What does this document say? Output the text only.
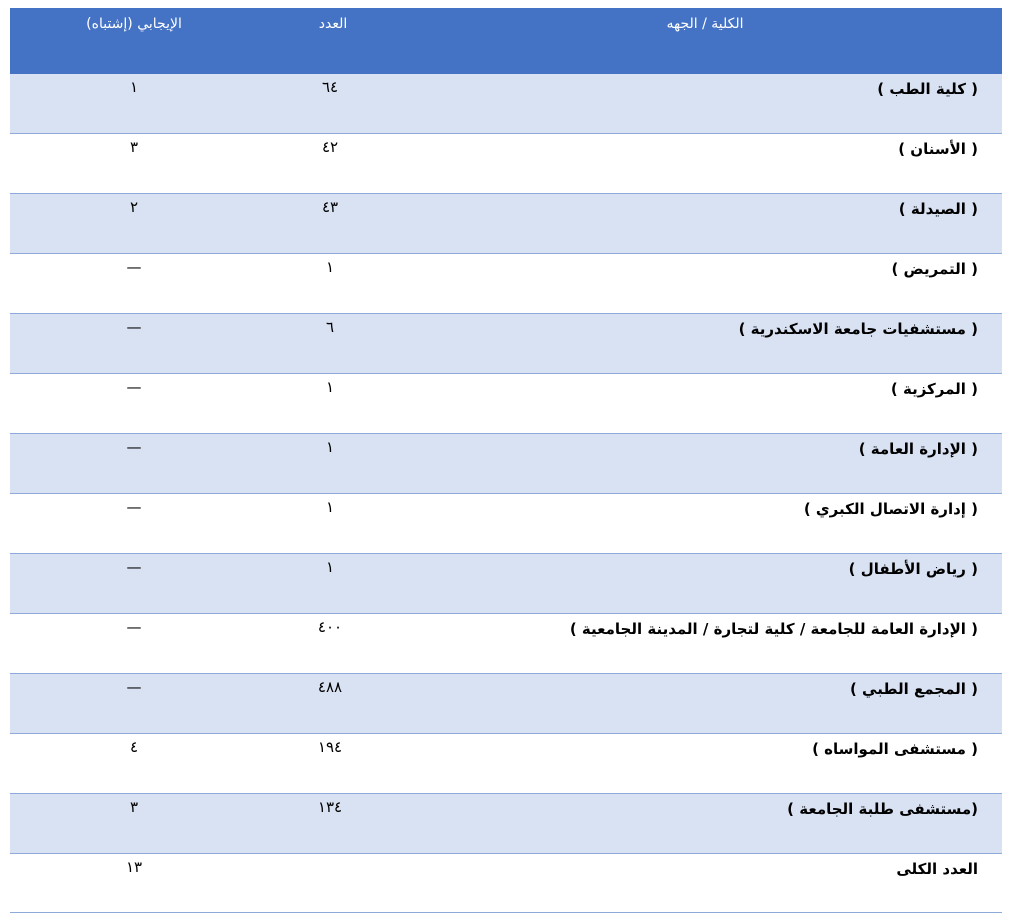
الكلية / الجهه	العدد	الإيجابي (إشتباه)
( كلية الطب )	٦٤	١
( الأسنان )	٤٢	٣
( الصيدلة )	٤٣	٢
( التمريض )	١	—
( مستشفيات جامعة الاسكندرية )	٦	—
( المركزية )	١	—
( الإدارة العامة )	١	—
( إدارة الاتصال الكبري )	١	—
( رياض الأطفال )	١	—
( الإدارة العامة للجامعة / كلية لتجارة / المدينة الجامعية )	٤٠٠	—
( المجمع الطبي )	٤٨٨	—
( مستشفى المواساه )	١٩٤	٤
(مستشفى طلبة الجامعة )	١٣٤	٣
العدد الكلى		١٣
